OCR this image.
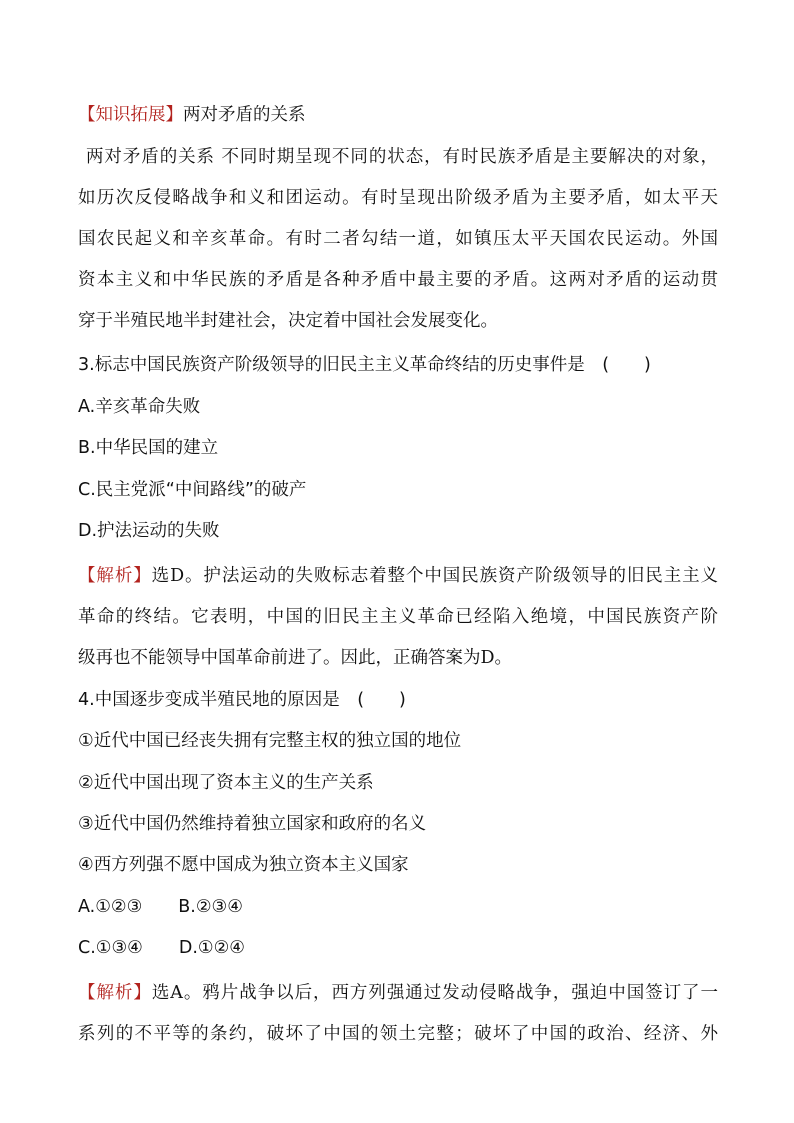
【知识拓展】两对矛盾的关系
两对矛盾的关系 不同时期呈现不同的状态，有时民族矛盾是主要解决的对象，
如历次反侵略战争和义和团运动。有时呈现出阶级矛盾为主要矛盾，如太平天
国农民起义和辛亥革命。有时二者勾结一道，如镇压太平天国农民运动。外国
资本主义和中华民族的矛盾是各种矛盾中最主要的矛盾。这两对矛盾的运动贯
穿于半殖民地半封建社会，决定着中国社会发展变化。
3.标志中国民族资产阶级领导的旧民主主义革命终结的历史事件是　(　　)
A.辛亥革命失败
B.中华民国的建立
C.民主党派“中间路线”的破产
D.护法运动的失败
【解析】选D。护法运动的失败标志着整个中国民族资产阶级领导的旧民主主义
革命的终结。它表明，中国的旧民主主义革命已经陷入绝境，中国民族资产阶
级再也不能领导中国革命前进了。因此，正确答案为D。
4.中国逐步变成半殖民地的原因是　(　　)
①近代中国已经丧失拥有完整主权的独立国的地位
②近代中国出现了资本主义的生产关系
③近代中国仍然维持着独立国家和政府的名义
④西方列强不愿中国成为独立资本主义国家
A.①②③ B.②③④
C.①③④ D.①②④
【解析】选A。鸦片战争以后，西方列强通过发动侵略战争，强迫中国签订了一
系列的不平等的条约，破坏了中国的领土完整；破坏了中国的政治、经济、外
